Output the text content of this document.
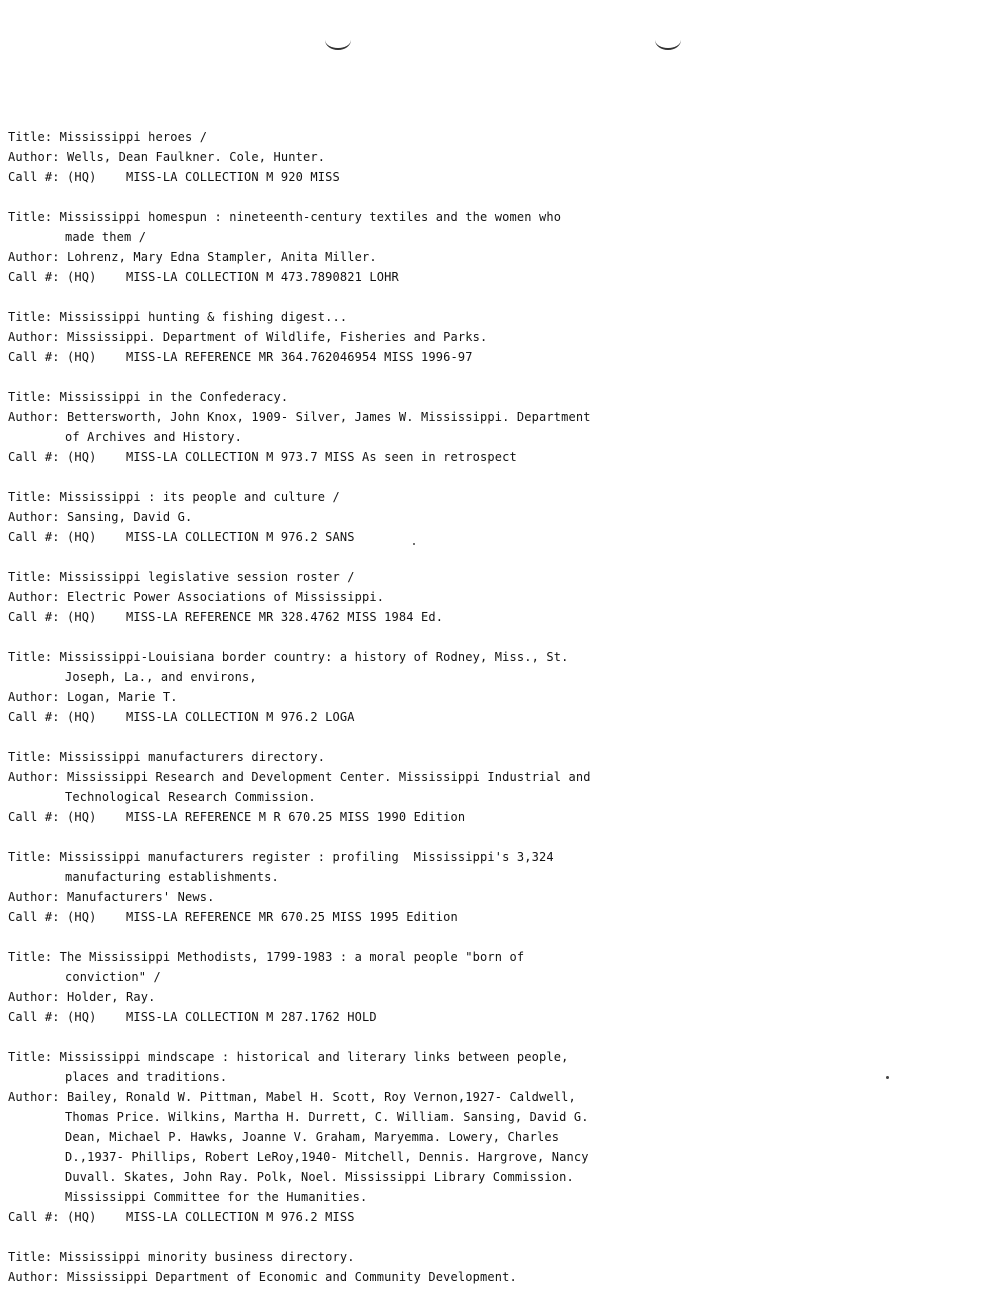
Title: Mississippi heroes /
Author: Wells, Dean Faulkner. Cole, Hunter.
Call #: (HQ)    MISS-LA COLLECTION M 920 MISS
Title: Mississippi homespun : nineteenth-century textiles and the women who
made them /
Author: Lohrenz, Mary Edna Stampler, Anita Miller.
Call #: (HQ)    MISS-LA COLLECTION M 473.7890821 LOHR
Title: Mississippi hunting & fishing digest...
Author: Mississippi. Department of Wildlife, Fisheries and Parks.
Call #: (HQ)    MISS-LA REFERENCE MR 364.762046954 MISS 1996-97
Title: Mississippi in the Confederacy.
Author: Bettersworth, John Knox, 1909- Silver, James W. Mississippi. Department
of Archives and History.
Call #: (HQ)    MISS-LA COLLECTION M 973.7 MISS As seen in retrospect
Title: Mississippi : its people and culture /
Author: Sansing, David G.
Call #: (HQ)    MISS-LA COLLECTION M 976.2 SANS
Title: Mississippi legislative session roster /
Author: Electric Power Associations of Mississippi.
Call #: (HQ)    MISS-LA REFERENCE MR 328.4762 MISS 1984 Ed.
Title: Mississippi-Louisiana border country: a history of Rodney, Miss., St.
Joseph, La., and environs,
Author: Logan, Marie T.
Call #: (HQ)    MISS-LA COLLECTION M 976.2 LOGA
Title: Mississippi manufacturers directory.
Author: Mississippi Research and Development Center. Mississippi Industrial and
Technological Research Commission.
Call #: (HQ)    MISS-LA REFERENCE M R 670.25 MISS 1990 Edition
Title: Mississippi manufacturers register : profiling  Mississippi's 3,324
manufacturing establishments.
Author: Manufacturers' News.
Call #: (HQ)    MISS-LA REFERENCE MR 670.25 MISS 1995 Edition
Title: The Mississippi Methodists, 1799-1983 : a moral people "born of
conviction" /
Author: Holder, Ray.
Call #: (HQ)    MISS-LA COLLECTION M 287.1762 HOLD
Title: Mississippi mindscape : historical and literary links between people,
places and traditions.
Author: Bailey, Ronald W. Pittman, Mabel H. Scott, Roy Vernon,1927- Caldwell,
Thomas Price. Wilkins, Martha H. Durrett, C. William. Sansing, David G.
Dean, Michael P. Hawks, Joanne V. Graham, Maryemma. Lowery, Charles
D.,1937- Phillips, Robert LeRoy,1940- Mitchell, Dennis. Hargrove, Nancy
Duvall. Skates, John Ray. Polk, Noel. Mississippi Library Commission.
Mississippi Committee for the Humanities.
Call #: (HQ)    MISS-LA COLLECTION M 976.2 MISS
Title: Mississippi minority business directory.
Author: Mississippi Department of Economic and Community Development.
